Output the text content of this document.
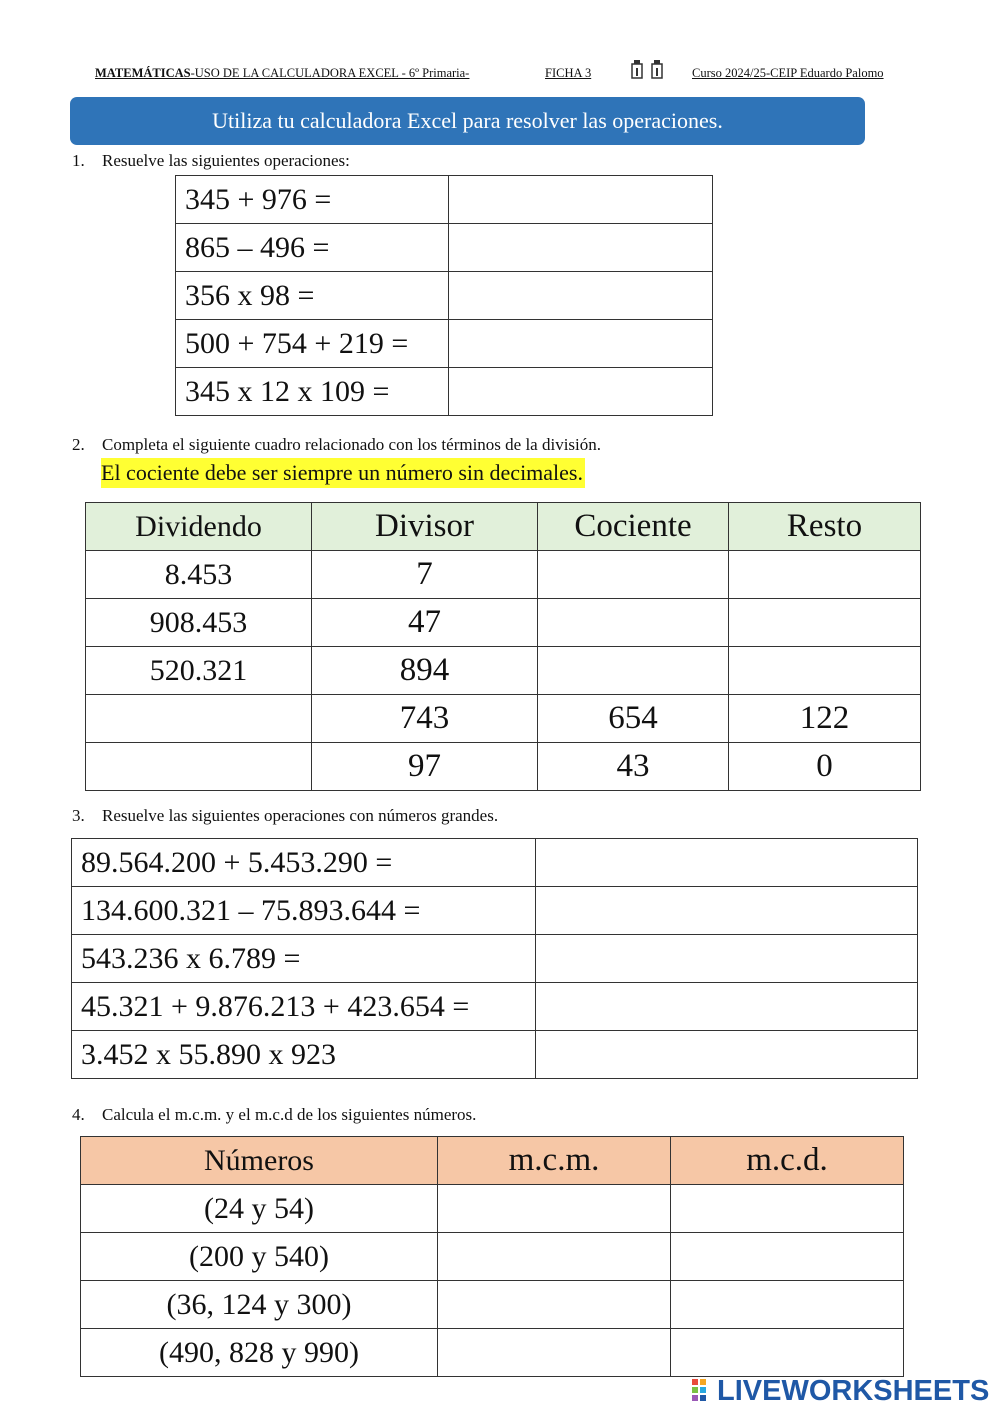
MATEMÁTICAS-USO DE LA CALCULADORA EXCEL - 6º Primaria-	FICHA 3	Curso 2024/25-CEIP Eduardo Palomo
Utiliza tu calculadora Excel para resolver las operaciones.
1. Resuelve las siguientes operaciones:
345 + 976 =	
865 – 496 =	
356 x 98 =	
500 + 754 + 219 =	
345 x 12 x 109 =	
2. Completa el siguiente cuadro relacionado con los términos de la división.
El cociente debe ser siempre un número sin decimales.
Dividendo	Divisor	Cociente	Resto
8.453	7		
908.453	47		
520.321	894		
	743	654	122
	97	43	0
3. Resuelve las siguientes operaciones con números grandes.
89.564.200 + 5.453.290 =	
134.600.321 – 75.893.644 =	
543.236 x 6.789 =	
45.321 + 9.876.213 + 423.654 =	
3.452 x 55.890 x 923	
4. Calcula el m.c.m. y el m.c.d de los siguientes números.
Números	m.c.m.	m.c.d.
(24 y 54)		
(200 y 540)		
(36, 124 y 300)		
(490, 828 y 990)		
LIVEWORKSHEETS
